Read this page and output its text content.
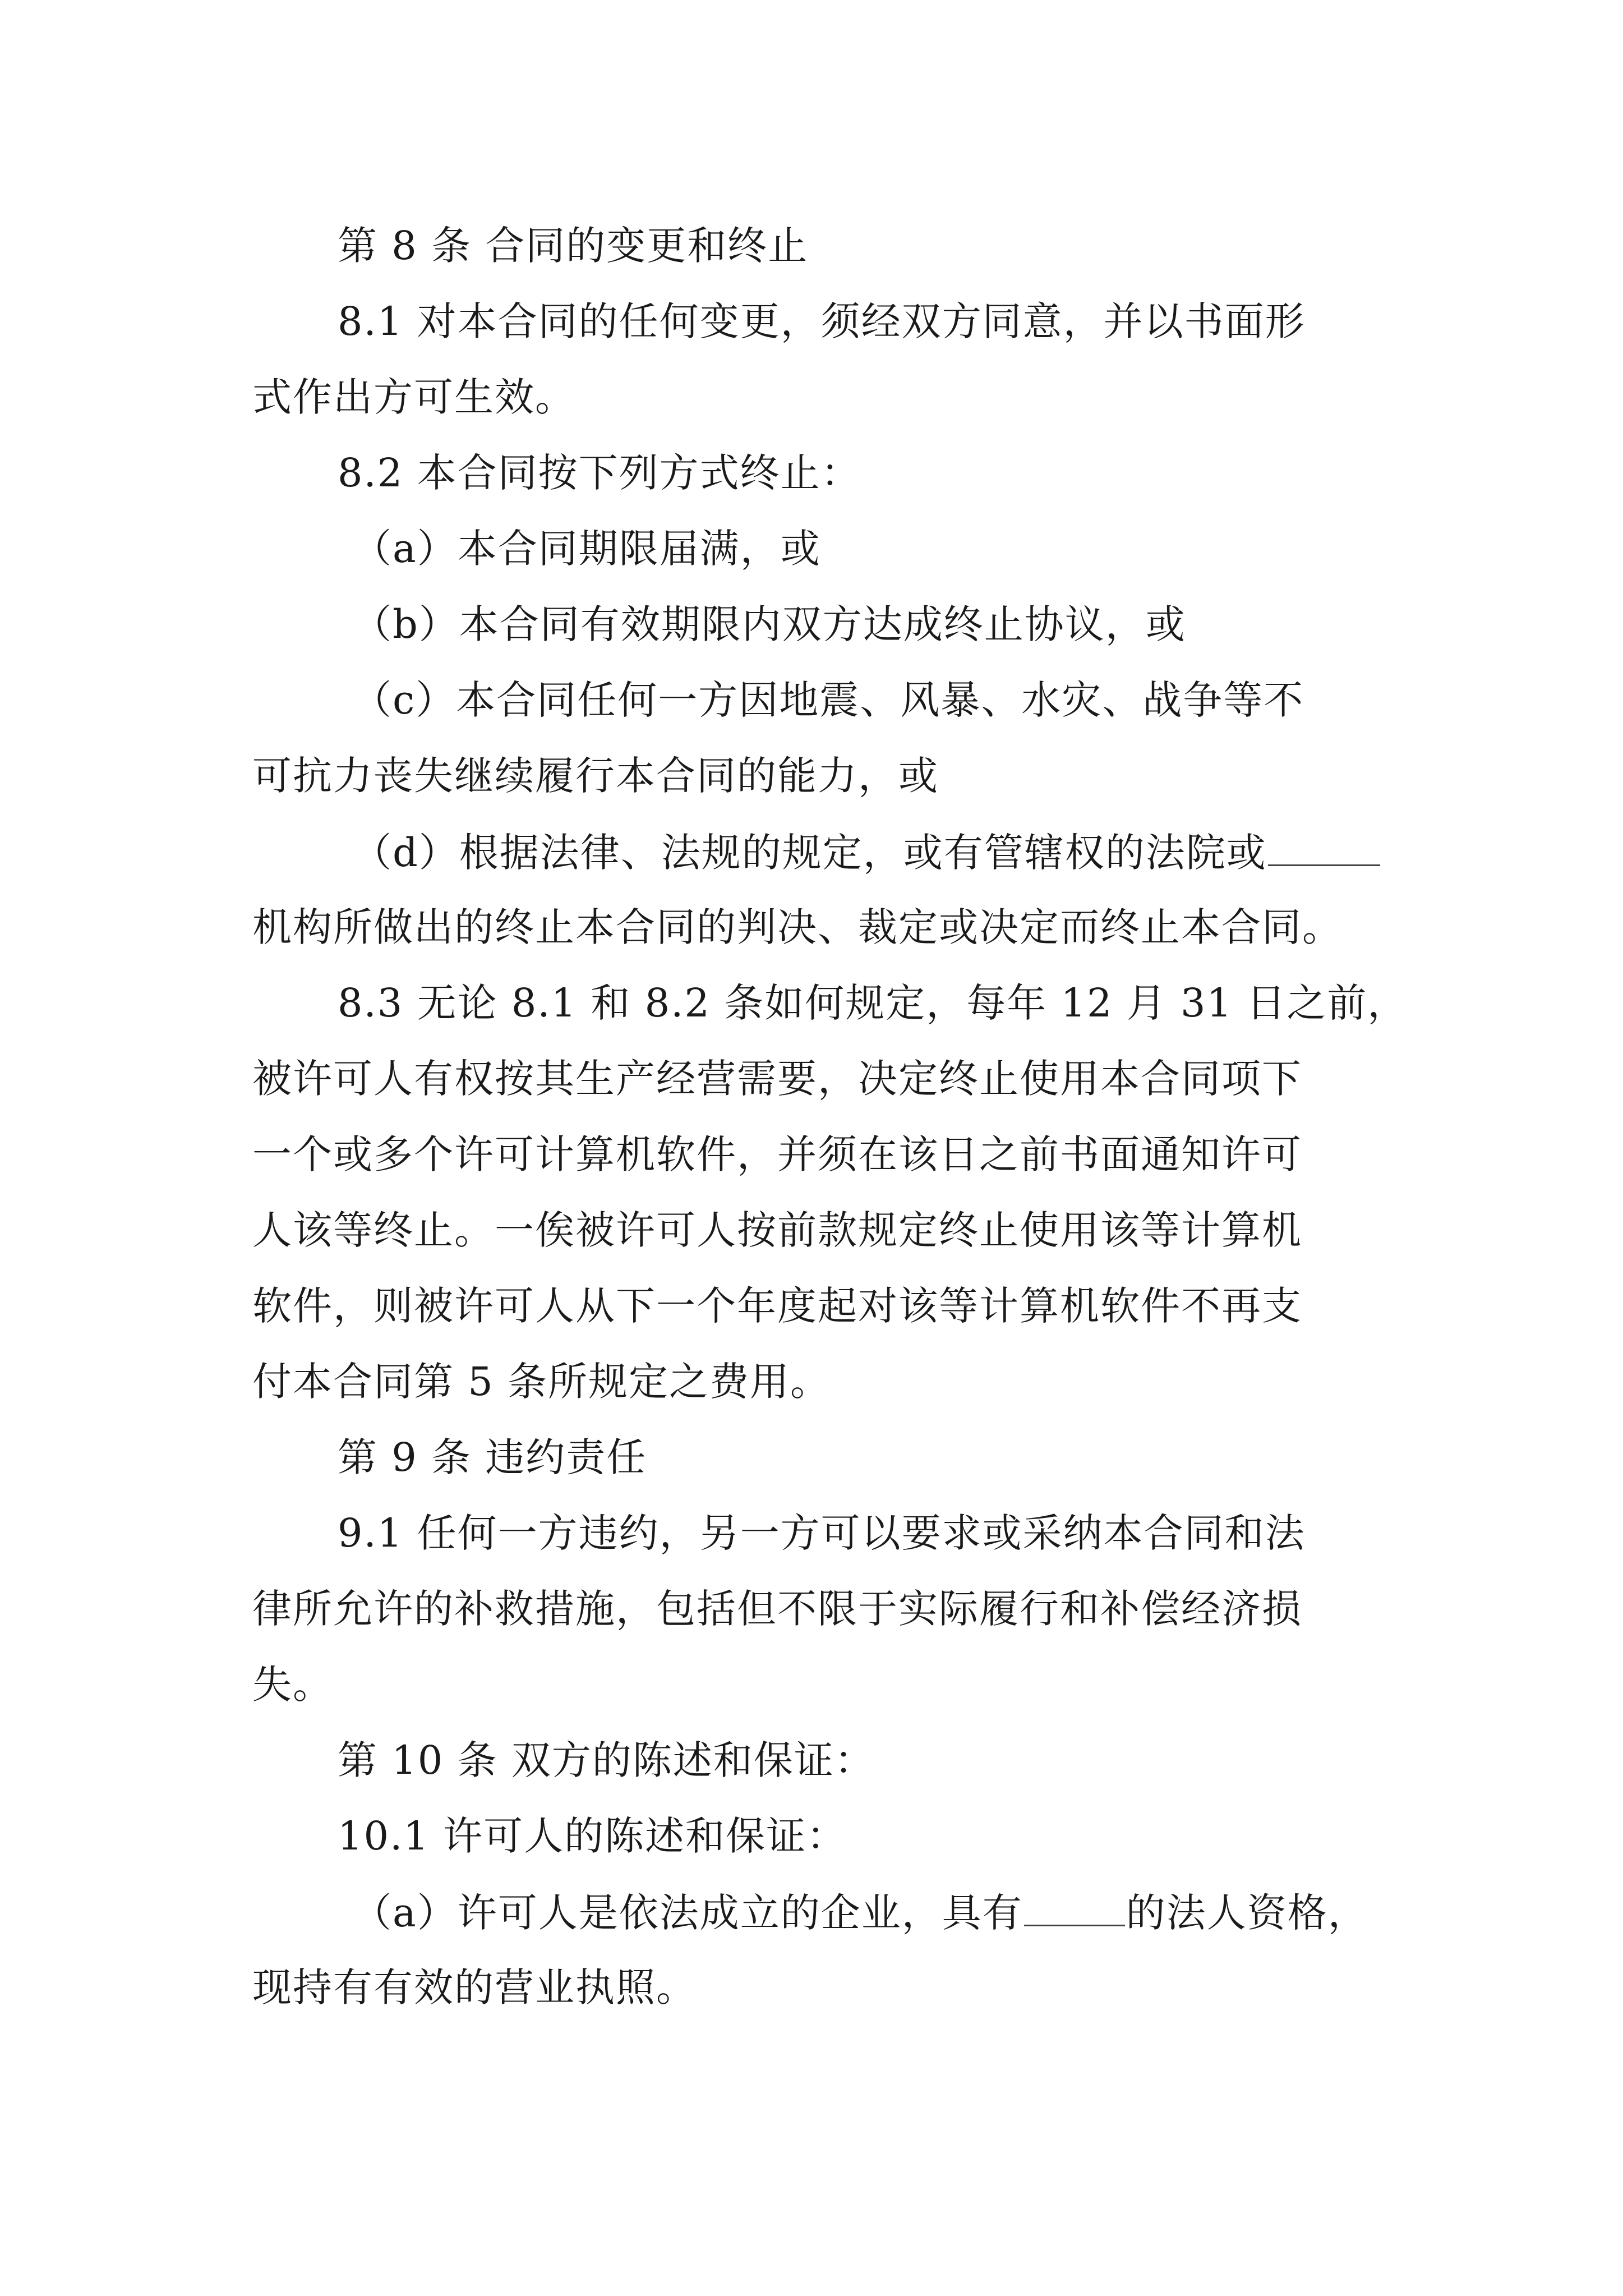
第 8 条 合同的变更和终止
8.1 对本合同的任何变更，须经双方同意，并以书面形
式作出方可生效。
8.2 本合同按下列方式终止：
（a）本合同期限届满，或
（b）本合同有效期限内双方达成终止协议，或
（c）本合同任何一方因地震、风暴、水灾、战争等不
可抗力丧失继续履行本合同的能力，或
（d）根据法律、法规的规定，或有管辖权的法院或
机构所做出的终止本合同的判决、裁定或决定而终止本合同。
8.3 无论 8.1 和 8.2 条如何规定，每年 12 月 31 日之前，
被许可人有权按其生产经营需要，决定终止使用本合同项下
一个或多个许可计算机软件，并须在该日之前书面通知许可
人该等终止。一俟被许可人按前款规定终止使用该等计算机
软件，则被许可人从下一个年度起对该等计算机软件不再支
付本合同第 5 条所规定之费用。
第 9 条 违约责任
9.1 任何一方违约，另一方可以要求或采纳本合同和法
律所允许的补救措施，包括但不限于实际履行和补偿经济损
失。
第 10 条 双方的陈述和保证：
10.1 许可人的陈述和保证：
（a）许可人是依法成立的企业，具有	的法人资格，
现持有有效的营业执照。
